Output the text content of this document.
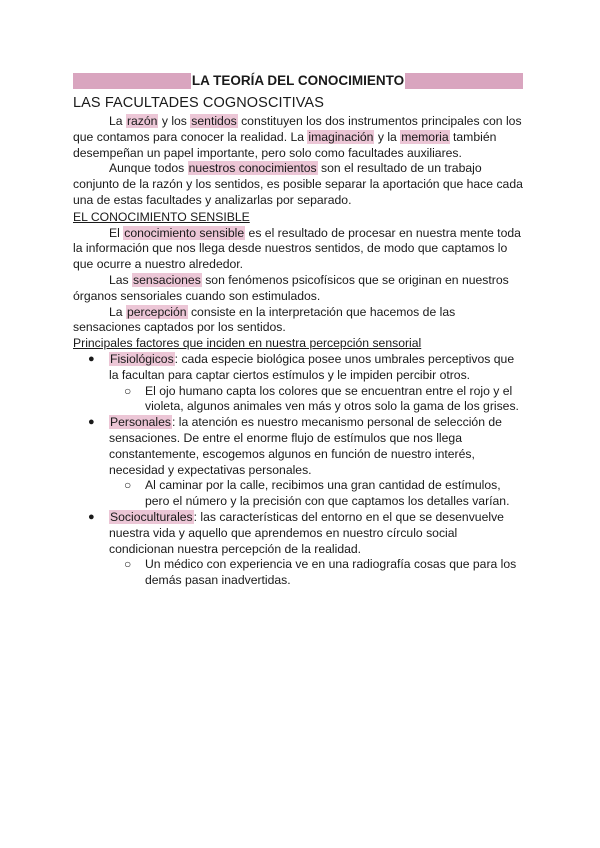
LA TEORÍA DEL CONOCIMIENTO
LAS FACULTADES COGNOSCITIVAS

La razón y los sentidos constituyen los dos instrumentos principales con los que contamos para conocer la realidad. La imaginación y la memoria también desempeñan un papel importante, pero solo como facultades auxiliares.

Aunque todos nuestros conocimientos son el resultado de un trabajo conjunto de la razón y los sentidos, es posible separar la aportación que hace cada una de estas facultades y analizarlas por separado.

EL CONOCIMIENTO SENSIBLE

El conocimiento sensible es el resultado de procesar en nuestra mente toda la información que nos llega desde nuestros sentidos, de modo que captamos lo que ocurre a nuestro alrededor.

Las sensaciones son fenómenos psicofísicos que se originan en nuestros órganos sensoriales cuando son estimulados.

La percepción consiste en la interpretación que hacemos de las sensaciones captados por los sentidos.

Principales factores que inciden en nuestra percepción sensorial
● Fisiológicos: cada especie biológica posee unos umbrales perceptivos que la facultan para captar ciertos estímulos y le impiden percibir otros.
○ El ojo humano capta los colores que se encuentran entre el rojo y el violeta, algunos animales ven más y otros solo la gama de los grises.
● Personales: la atención es nuestro mecanismo personal de selección de sensaciones. De entre el enorme flujo de estímulos que nos llega constantemente, escogemos algunos en función de nuestro interés, necesidad y expectativas personales.
○ Al caminar por la calle, recibimos una gran cantidad de estímulos, pero el número y la precisión con que captamos los detalles varían.
● Socioculturales: las características del entorno en el que se desenvuelve nuestra vida y aquello que aprendemos en nuestro círculo social condicionan nuestra percepción de la realidad.
○ Un médico con experiencia ve en una radiografía cosas que para los demás pasan inadvertidas.
